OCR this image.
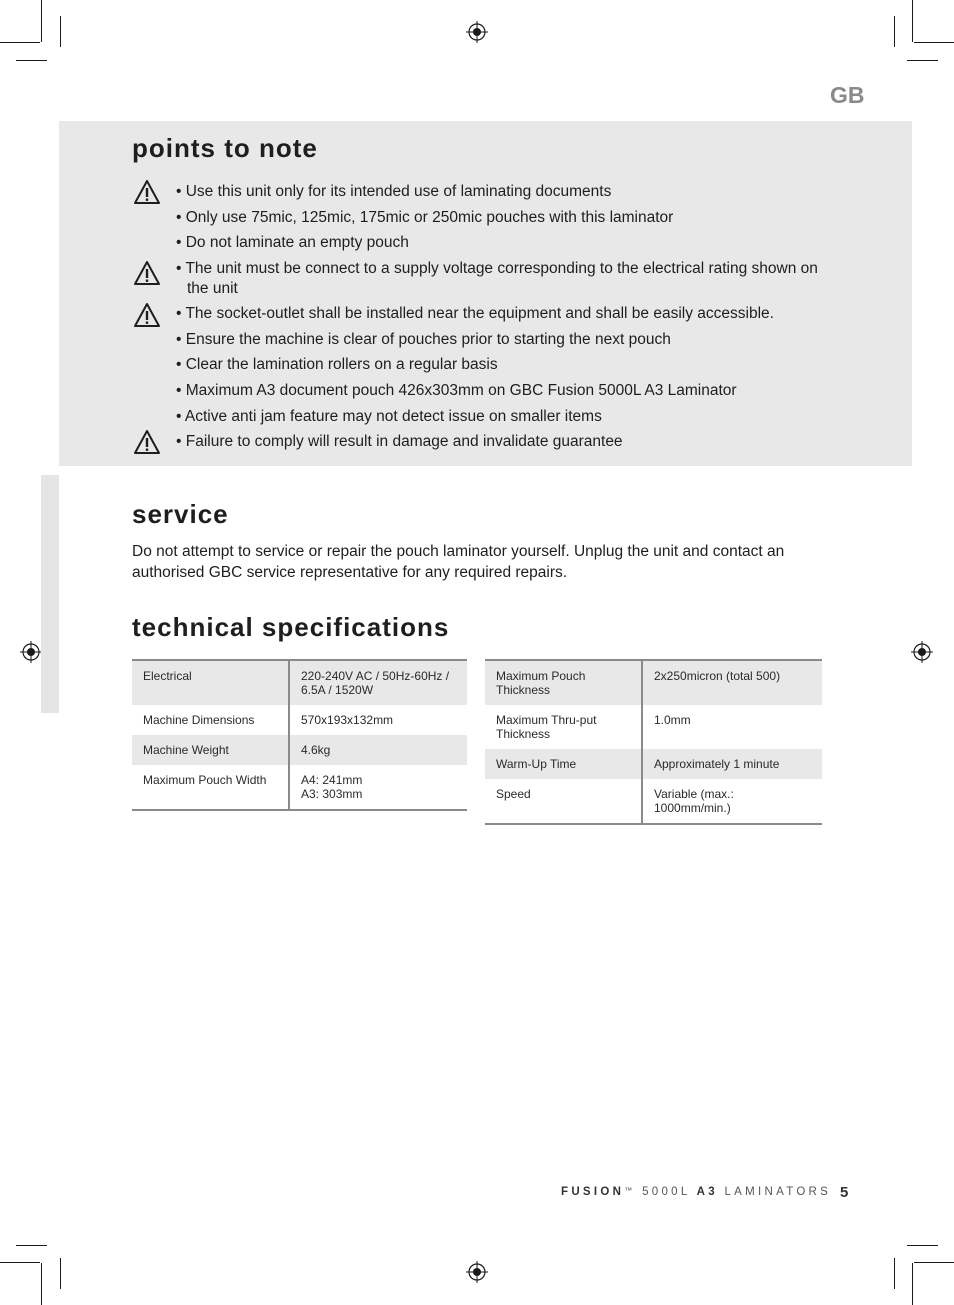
GB
points to note

• Use this unit only for its intended use of laminating documents

• Only use 75mic, 125mic, 175mic or 250mic pouches with this laminator

• Do not laminate an empty pouch

• The unit must be connect to a supply voltage corresponding to the electrical rating shown on the unit

• The socket-outlet shall be installed near the equipment and shall be easily accessible.

• Ensure the machine is clear of pouches prior to starting the next pouch

• Clear the lamination rollers on a regular basis

• Maximum A3 document pouch 426x303mm on GBC Fusion 5000L A3 Laminator

• Active anti jam feature may not detect issue on smaller items

• Failure to comply will result in damage and invalidate guarantee

service

Do not attempt to service or repair the pouch laminator yourself. Unplug the unit and contact an authorised GBC service representative for any required repairs.

technical specifications
Electrical	220-240V AC / 50Hz-60Hz /
6.5A / 1520W
Machine Dimensions	570x193x132mm
Machine Weight	4.6kg
Maximum Pouch Width	A4: 241mm
A3: 303mm
Maximum Pouch
Thickness	2x250micron (total 500)
Maximum Thru-put
Thickness	1.0mm
Warm-Up Time	Approximately 1 minute
Speed	Variable (max.: 1000mm/min.)
FUSION™ 5000L A3 LAMINATORS 5
